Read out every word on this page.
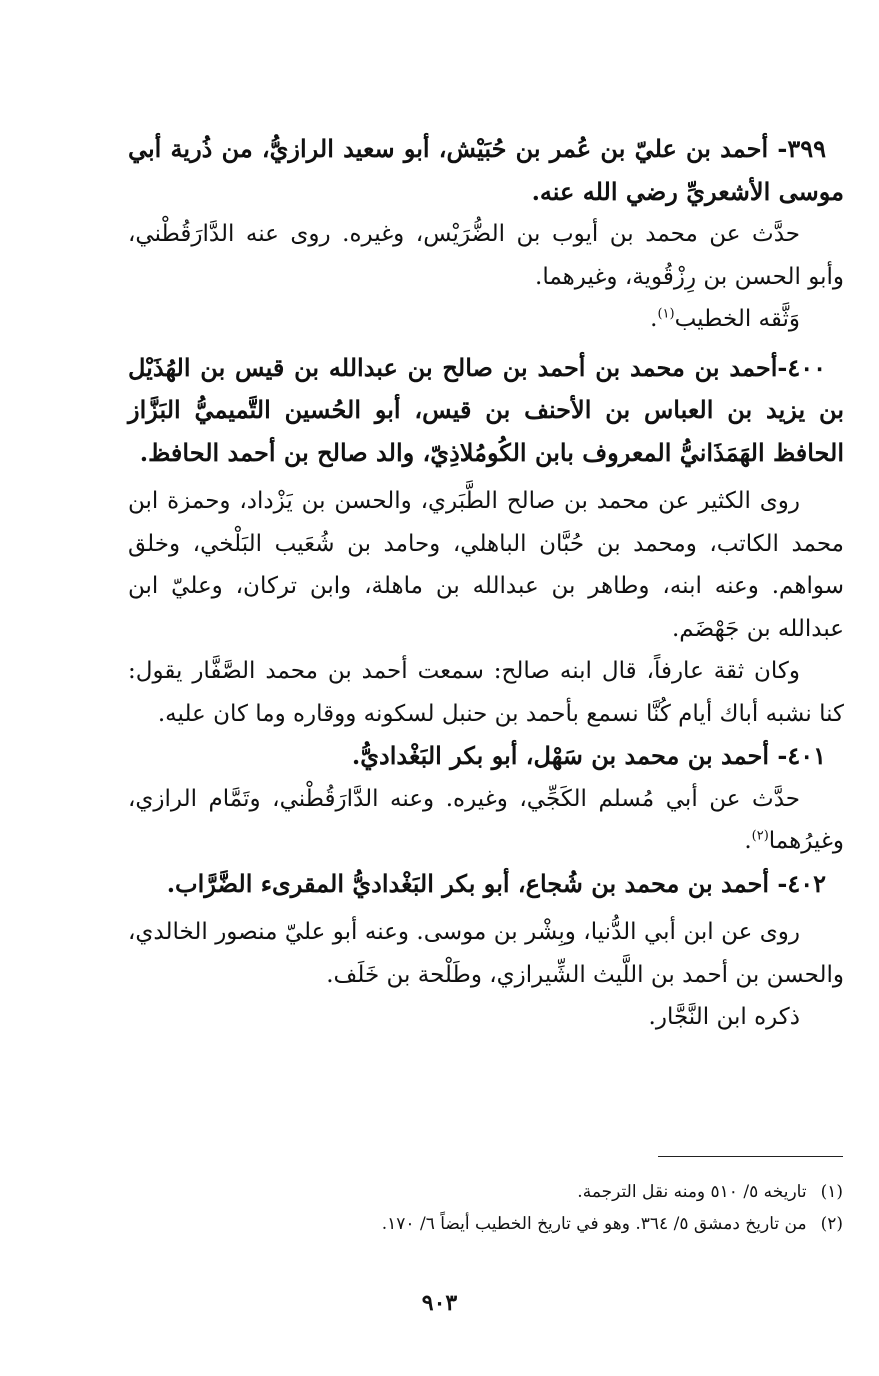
٣٩٩- أحمد بن عليّ بن عُمر بن حُبَيْش، أبو سعيد الرازيُّ، من ذُرية أبي موسى الأشعريِّ رضي الله عنه.

حدَّث عن محمد بن أيوب بن الضُّرَيْس، وغيره. روى عنه الدَّارَقُطْني، وأبو الحسن بن رِزْقُوية، وغيرهما.

وَثَّقه الخطيب$^{(١)}$.

٤٠٠-أحمد بن محمد بن أحمد بن صالح بن عبدالله بن قيس بن الهُذَيْل بن يزيد بن العباس بن الأحنف بن قيس، أبو الحُسين التَّميميُّ البَزَّاز الحافظ الهَمَذَانيُّ المعروف بابن الكُومُلاذِيّ، والد صالح بن أحمد الحافظ.

روى الكثير عن محمد بن صالح الطَّبَري، والحسن بن يَزْداد، وحمزة ابن محمد الكاتب، ومحمد بن حُبَّان الباهلي، وحامد بن شُعَيب البَلْخي، وخلق سواهم. وعنه ابنه، وطاهر بن عبدالله بن ماهلة، وابن تركان، وعليّ ابن عبدالله بن جَهْضَم.

وكان ثقة عارفاً، قال ابنه صالح: سمعت أحمد بن محمد الصَّفَّار يقول: كنا نشبه أباك أيام كُنَّا نسمع بأحمد بن حنبل لسكونه ووقاره وما كان عليه.

٤٠١- أحمد بن محمد بن سَهْل، أبو بكر البَغْداديُّ.

حدَّث عن أبي مُسلم الكَجِّي، وغيره. وعنه الدَّارَقُطْني، وتَمَّام الرازي، وغيرُهما$^{(٢)}$.

٤٠٢- أحمد بن محمد بن شُجاع، أبو بكر البَغْداديُّ المقرىء الضَّرَّاب.

روى عن ابن أبي الدُّنيا، وبِشْر بن موسى. وعنه أبو عليّ منصور الخالدي، والحسن بن أحمد بن اللَّيث الشِّيرازي، وطَلْحة بن خَلَف.

ذكره ابن النَّجَّار.

(١)تاريخه ٥/ ٥١٠ ومنه نقل الترجمة.
(٢)من تاريخ دمشق ٥/ ٣٦٤. وهو في تاريخ الخطيب أيضاً ٦/ ١٧٠.
٩٠٣
